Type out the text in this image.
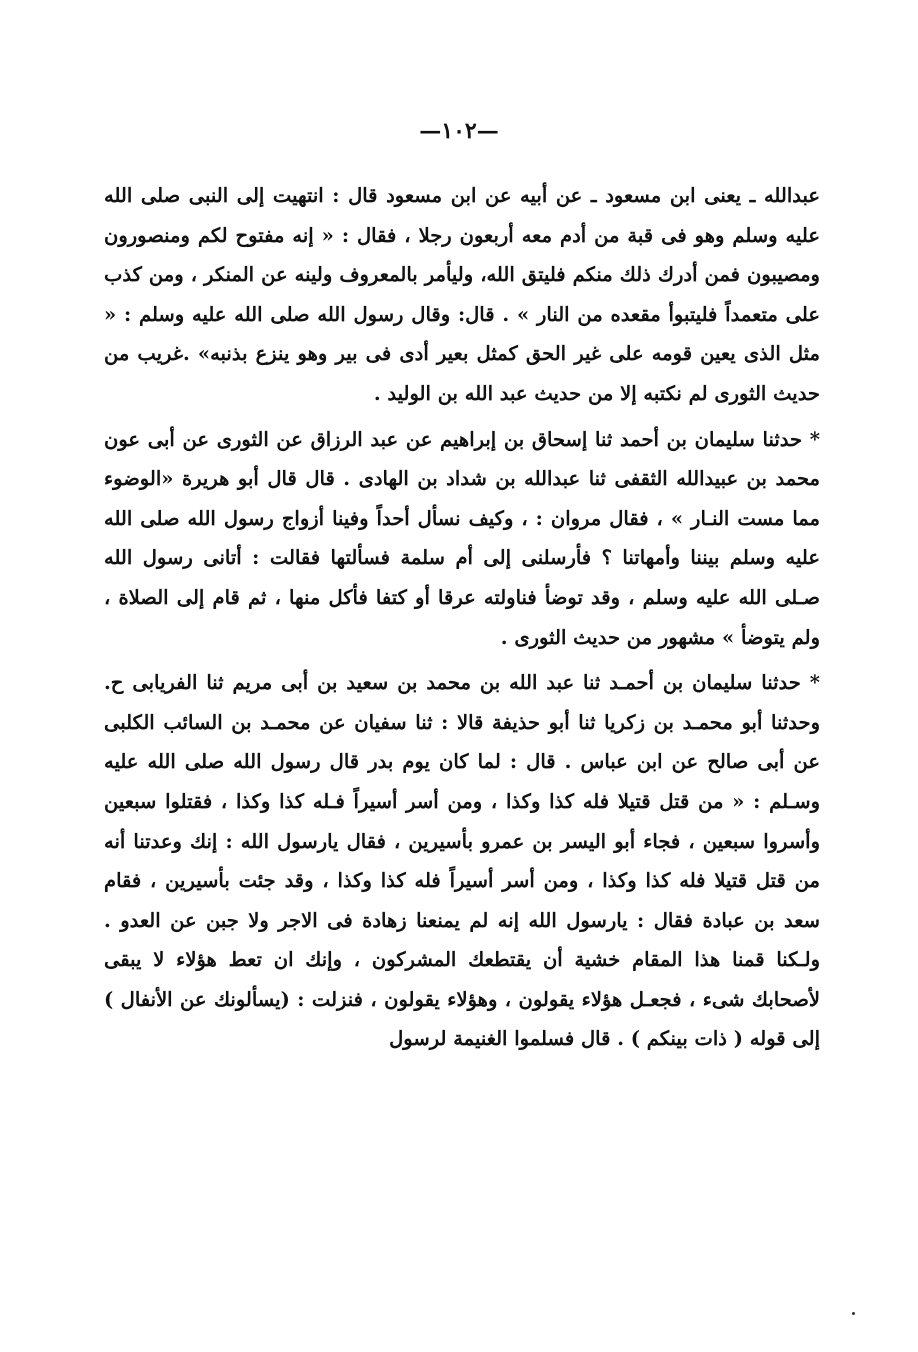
—١٠٢—

عبدالله ـ يعنى ابن مسعود ـ عن أبيه عن ابن مسعود قال : انتهيت إلى النبى صلى الله عليه وسلم وهو فى قبة من أدم معه أربعون رجلا ، فقال : « إنه مفتوح لكم ومنصورون ومصيبون فمن أدرك ذلك منكم فليتق الله، وليأمر بالمعروف ولينه عن المنكر ، ومن كذب على متعمداً فليتبوأ مقعده من النار » . قال: وقال رسول الله صلى الله عليه وسلم : « مثل الذى يعين قومه على غير الحق كمثل بعير أدى فى بير وهو ينزع بذنبه» .غريب من حديث الثورى لم نكتبه إلا من حديث عبد الله بن الوليد .

* حدثنا سليمان بن أحمد ثنا إسحاق بن إبراهيم عن عبد الرزاق عن الثورى عن أبى عون محمد بن عبيدالله الثقفى ثنا عبدالله بن شداد بن الهادى . قال قال أبو هريرة «الوضوء مما مست النـار » ، فقال مروان : ، وكيف نسأل أحداً وفينا أزواج رسول الله صلى الله عليه وسلم بيننا وأمهاتنا ؟ فأرسلنى إلى أم سلمة فسألتها فقالت : أتانى رسول الله صـلى الله عليه وسلم ، وقد توضأ فناولته عرقا أو كتفا فأكل منها ، ثم قام إلى الصلاة ، ولم يتوضأ » مشهور من حديث الثورى .

* حدثنا سليمان بن أحمـد ثنا عبد الله بن محمد بن سعيد بن أبى مريم ثنا الفريابى ح. وحدثنا أبو محمـد بن زكريا ثنا أبو حذيفة قالا : ثنا سفيان عن محمـد بن السائب الكلبى عن أبى صالح عن ابن عباس . قال : لما كان يوم بدر قال رسول الله صلى الله عليه وسـلم : « من قتل قتيلا فله كذا وكذا ، ومن أسر أسيراً فـله كذا وكذا ، فقتلوا سبعين وأسروا سبعين ، فجاء أبو اليسر بن عمرو بأسيرين ، فقال يارسول الله : إنك وعدتنا أنه من قتل قتيلا فله كذا وكذا ، ومن أسر أسيراً فله كذا وكذا ، وقد جئت بأسيرين ، فقام سعد بن عبادة فقال : يارسول الله إنه لم يمنعنا زهادة فى الاجر ولا جبن عن العدو . ولـكنا قمنا هذا المقام خشية أن يقتطعك المشركون ، وإنك ان تعط هؤلاء لا يبقى لأصحابك شىء ، فجعـل هؤلاء يقولون ، وهؤلاء يقولون ، فنزلت : (يسألونك عن الأنفال ) إلى قوله ( ذات بينكم ) . قال فسلموا الغنيمة لرسول
